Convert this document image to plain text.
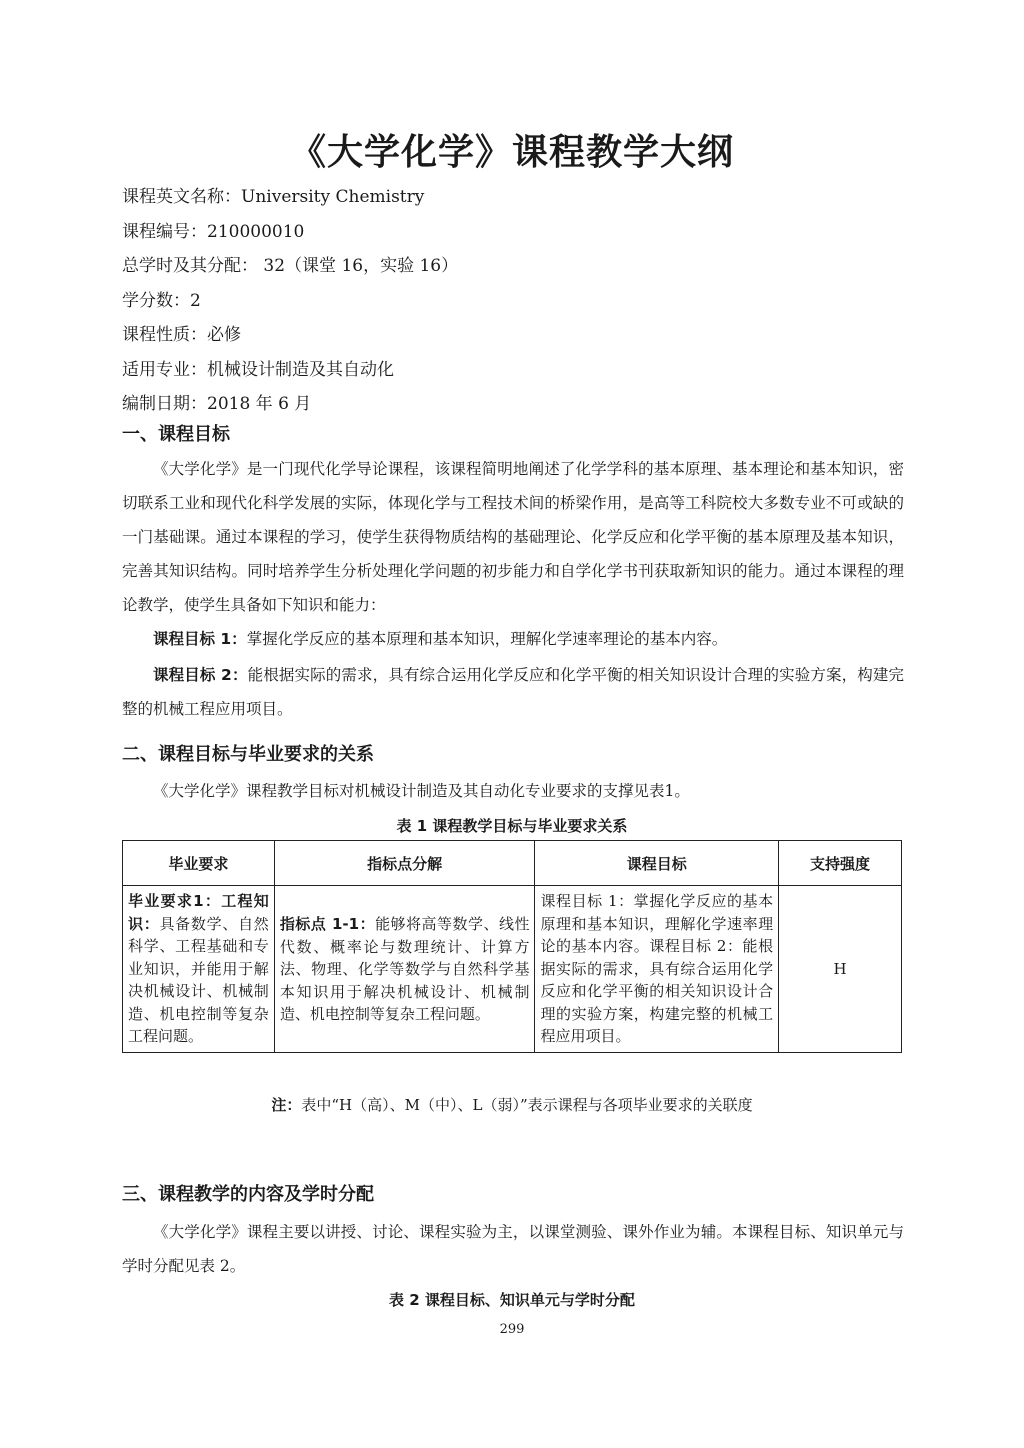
《大学化学》课程教学大纲
课程英文名称：University Chemistry
课程编号：210000010
总学时及其分配： 32（课堂 16，实验 16）
学分数：2
课程性质：必修
适用专业：机械设计制造及其自动化
编制日期：2018 年 6 月
一、课程目标
《大学化学》是一门现代化学导论课程，该课程简明地阐述了化学学科的基本原理、基本理论和基本知识，密切联系工业和现代化科学发展的实际，体现化学与工程技术间的桥梁作用，是高等工科院校大多数专业不可或缺的一门基础课。通过本课程的学习，使学生获得物质结构的基础理论、化学反应和化学平衡的基本原理及基本知识，完善其知识结构。同时培养学生分析处理化学问题的初步能力和自学化学书刊获取新知识的能力。通过本课程的理论教学，使学生具备如下知识和能力：
课程目标 1：掌握化学反应的基本原理和基本知识，理解化学速率理论的基本内容。
课程目标 2：能根据实际的需求，具有综合运用化学反应和化学平衡的相关知识设计合理的实验方案，构建完整的机械工程应用项目。
二、课程目标与毕业要求的关系
《大学化学》课程教学目标对机械设计制造及其自动化专业要求的支撑见表1。
表 1 课程教学目标与毕业要求关系
毕业要求	指标点分解	课程目标	支持强度
毕业要求1：工程知识：具备数学、自然科学、工程基础和专业知识，并能用于解决机械设计、机械制造、机电控制等复杂工程问题。	指标点 1-1：能够将高等数学、线性代数、概率论与数理统计、计算方法、物理、化学等数学与自然科学基本知识用于解决机械设计、机械制造、机电控制等复杂工程问题。	课程目标 1：掌握化学反应的基本原理和基本知识，理解化学速率理论的基本内容。课程目标 2：能根据实际的需求，具有综合运用化学反应和化学平衡的相关知识设计合理的实验方案，构建完整的机械工程应用项目。	H
注：表中“H（高）、M（中）、L（弱）”表示课程与各项毕业要求的关联度
三、课程教学的内容及学时分配
《大学化学》课程主要以讲授、讨论、课程实验为主，以课堂测验、课外作业为辅。本课程目标、知识单元与学时分配见表 2。
表 2 课程目标、知识单元与学时分配
299
